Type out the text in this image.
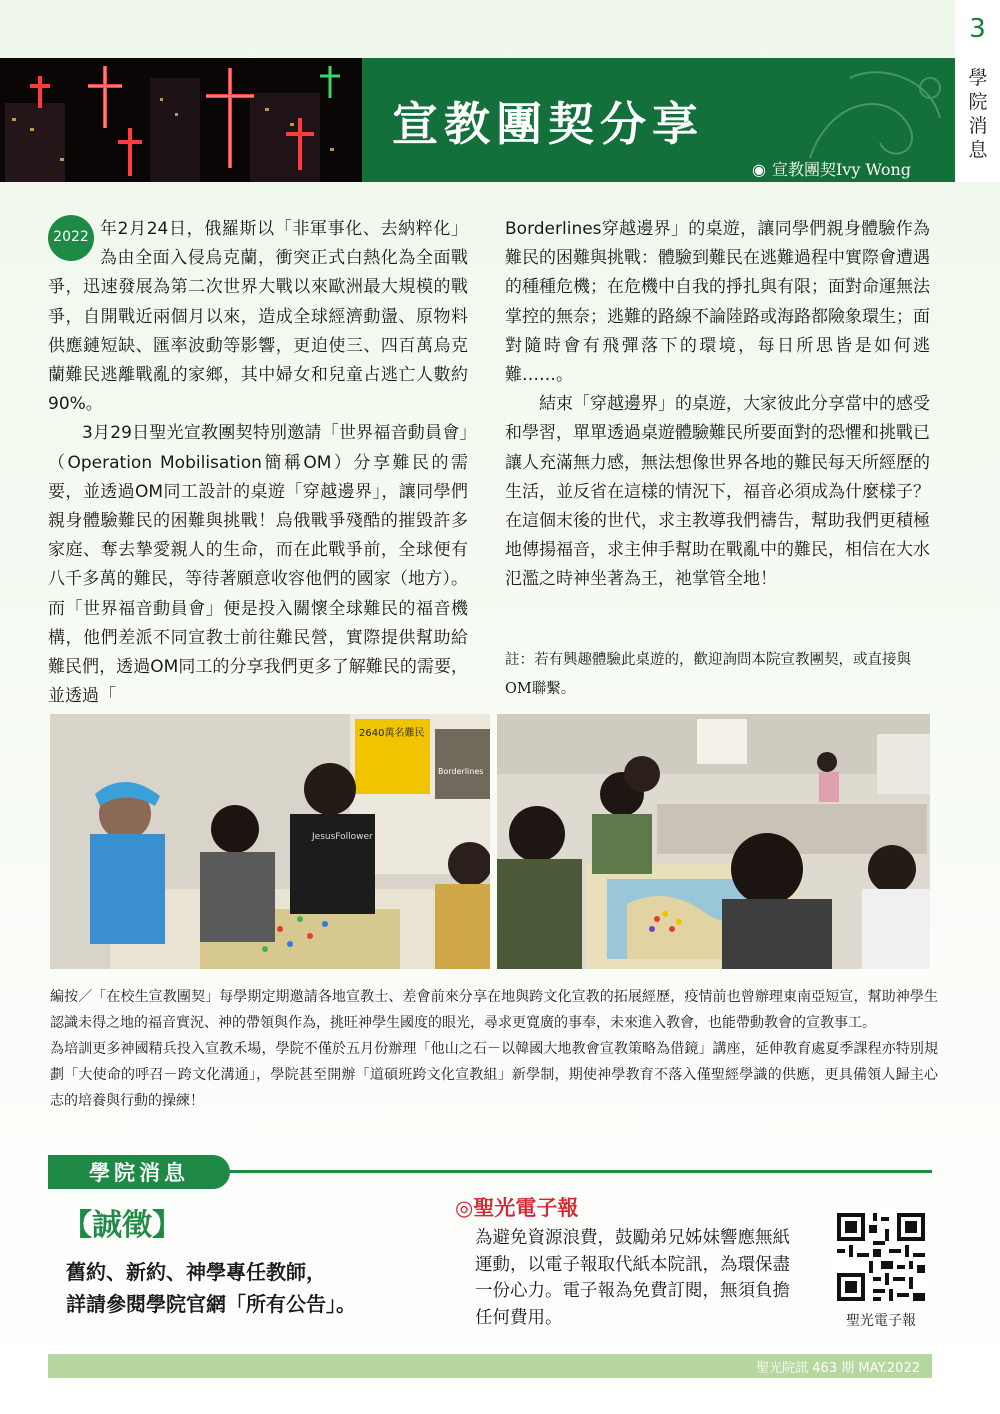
宣教團契分享
◉ 宣教團契Ivy Wong
3
學院消息

2022 年2月24日，俄羅斯以「非軍事化、去納粹化」為由全面入侵烏克蘭，衝突正式白熱化為全面戰爭，迅速發展為第二次世界大戰以來歐洲最大規模的戰爭，自開戰近兩個月以來，造成全球經濟動盪、原物料供應鏈短缺、匯率波動等影響，更迫使三、四百萬烏克蘭難民逃離戰亂的家鄉，其中婦女和兒童占逃亡人數約90%。

3月29日聖光宣教團契特別邀請「世界福音動員會」（Operation Mobilisation簡稱OM）分享難民的需要，並透過OM同工設計的桌遊「穿越邊界」，讓同學們親身體驗難民的困難與挑戰！烏俄戰爭殘酷的摧毀許多家庭、奪去摯愛親人的生命，而在此戰爭前，全球便有八千多萬的難民，等待著願意收容他們的國家（地方）。而「世界福音動員會」便是投入關懷全球難民的福音機構，他們差派不同宣教士前往難民營，實際提供幫助給難民們，透過OM同工的分享我們更多了解難民的需要，並透過「

Borderlines穿越邊界」的桌遊，讓同學們親身體驗作為難民的困難與挑戰：體驗到難民在逃難過程中實際會遭遇的種種危機；在危機中自我的掙扎與有限；面對命運無法掌控的無奈；逃難的路線不論陸路或海路都險象環生；面對隨時會有飛彈落下的環境，每日所思皆是如何逃難……。

結束「穿越邊界」的桌遊，大家彼此分享當中的感受和學習，單單透過桌遊體驗難民所要面對的恐懼和挑戰已讓人充滿無力感，無法想像世界各地的難民每天所經歷的生活，並反省在這樣的情況下，福音必須成為什麼樣子？在這個末後的世代，求主教導我們禱告，幫助我們更積極地傳揚福音，求主伸手幫助在戰亂中的難民，相信在大水氾濫之時神坐著為王，祂掌管全地！

註：若有興趣體驗此桌遊的，歡迎詢問本院宣教團契，或直接與OM聯繫。
2640萬名難民
Borderlines
JesusFollower

編按／「在校生宣教團契」每學期定期邀請各地宣教士、差會前來分享在地與跨文化宣教的拓展經歷，疫情前也曾辦理東南亞短宣，幫助神學生認識未得之地的福音實況、神的帶領與作為，挑旺神學生國度的眼光，尋求更寬廣的事奉，未來進入教會，也能帶動教會的宣教事工。

為培訓更多神國精兵投入宣教禾場，學院不僅於五月份辦理「他山之石－以韓國大地教會宣教策略為借鏡」講座，延伸教育處夏季課程亦特別規劃「大使命的呼召－跨文化溝通」，學院甚至開辦「道碩班跨文化宣教組」新學制，期使神學教育不落入僅聖經學識的供應，更具備領人歸主心志的培養與行動的操練！

學院消息
【誠徵】
舊約、新約、神學專任教師，
詳請參閱學院官網「所有公告」。
◎聖光電子報
為避免資源浪費，鼓勵弟兄姊妹響應無紙運動，以電子報取代紙本院訊，為環保盡一份心力。電子報為免費訂閱，無須負擔任何費用。	聖光電子報
聖光院訊 463 期 MAY.2022
